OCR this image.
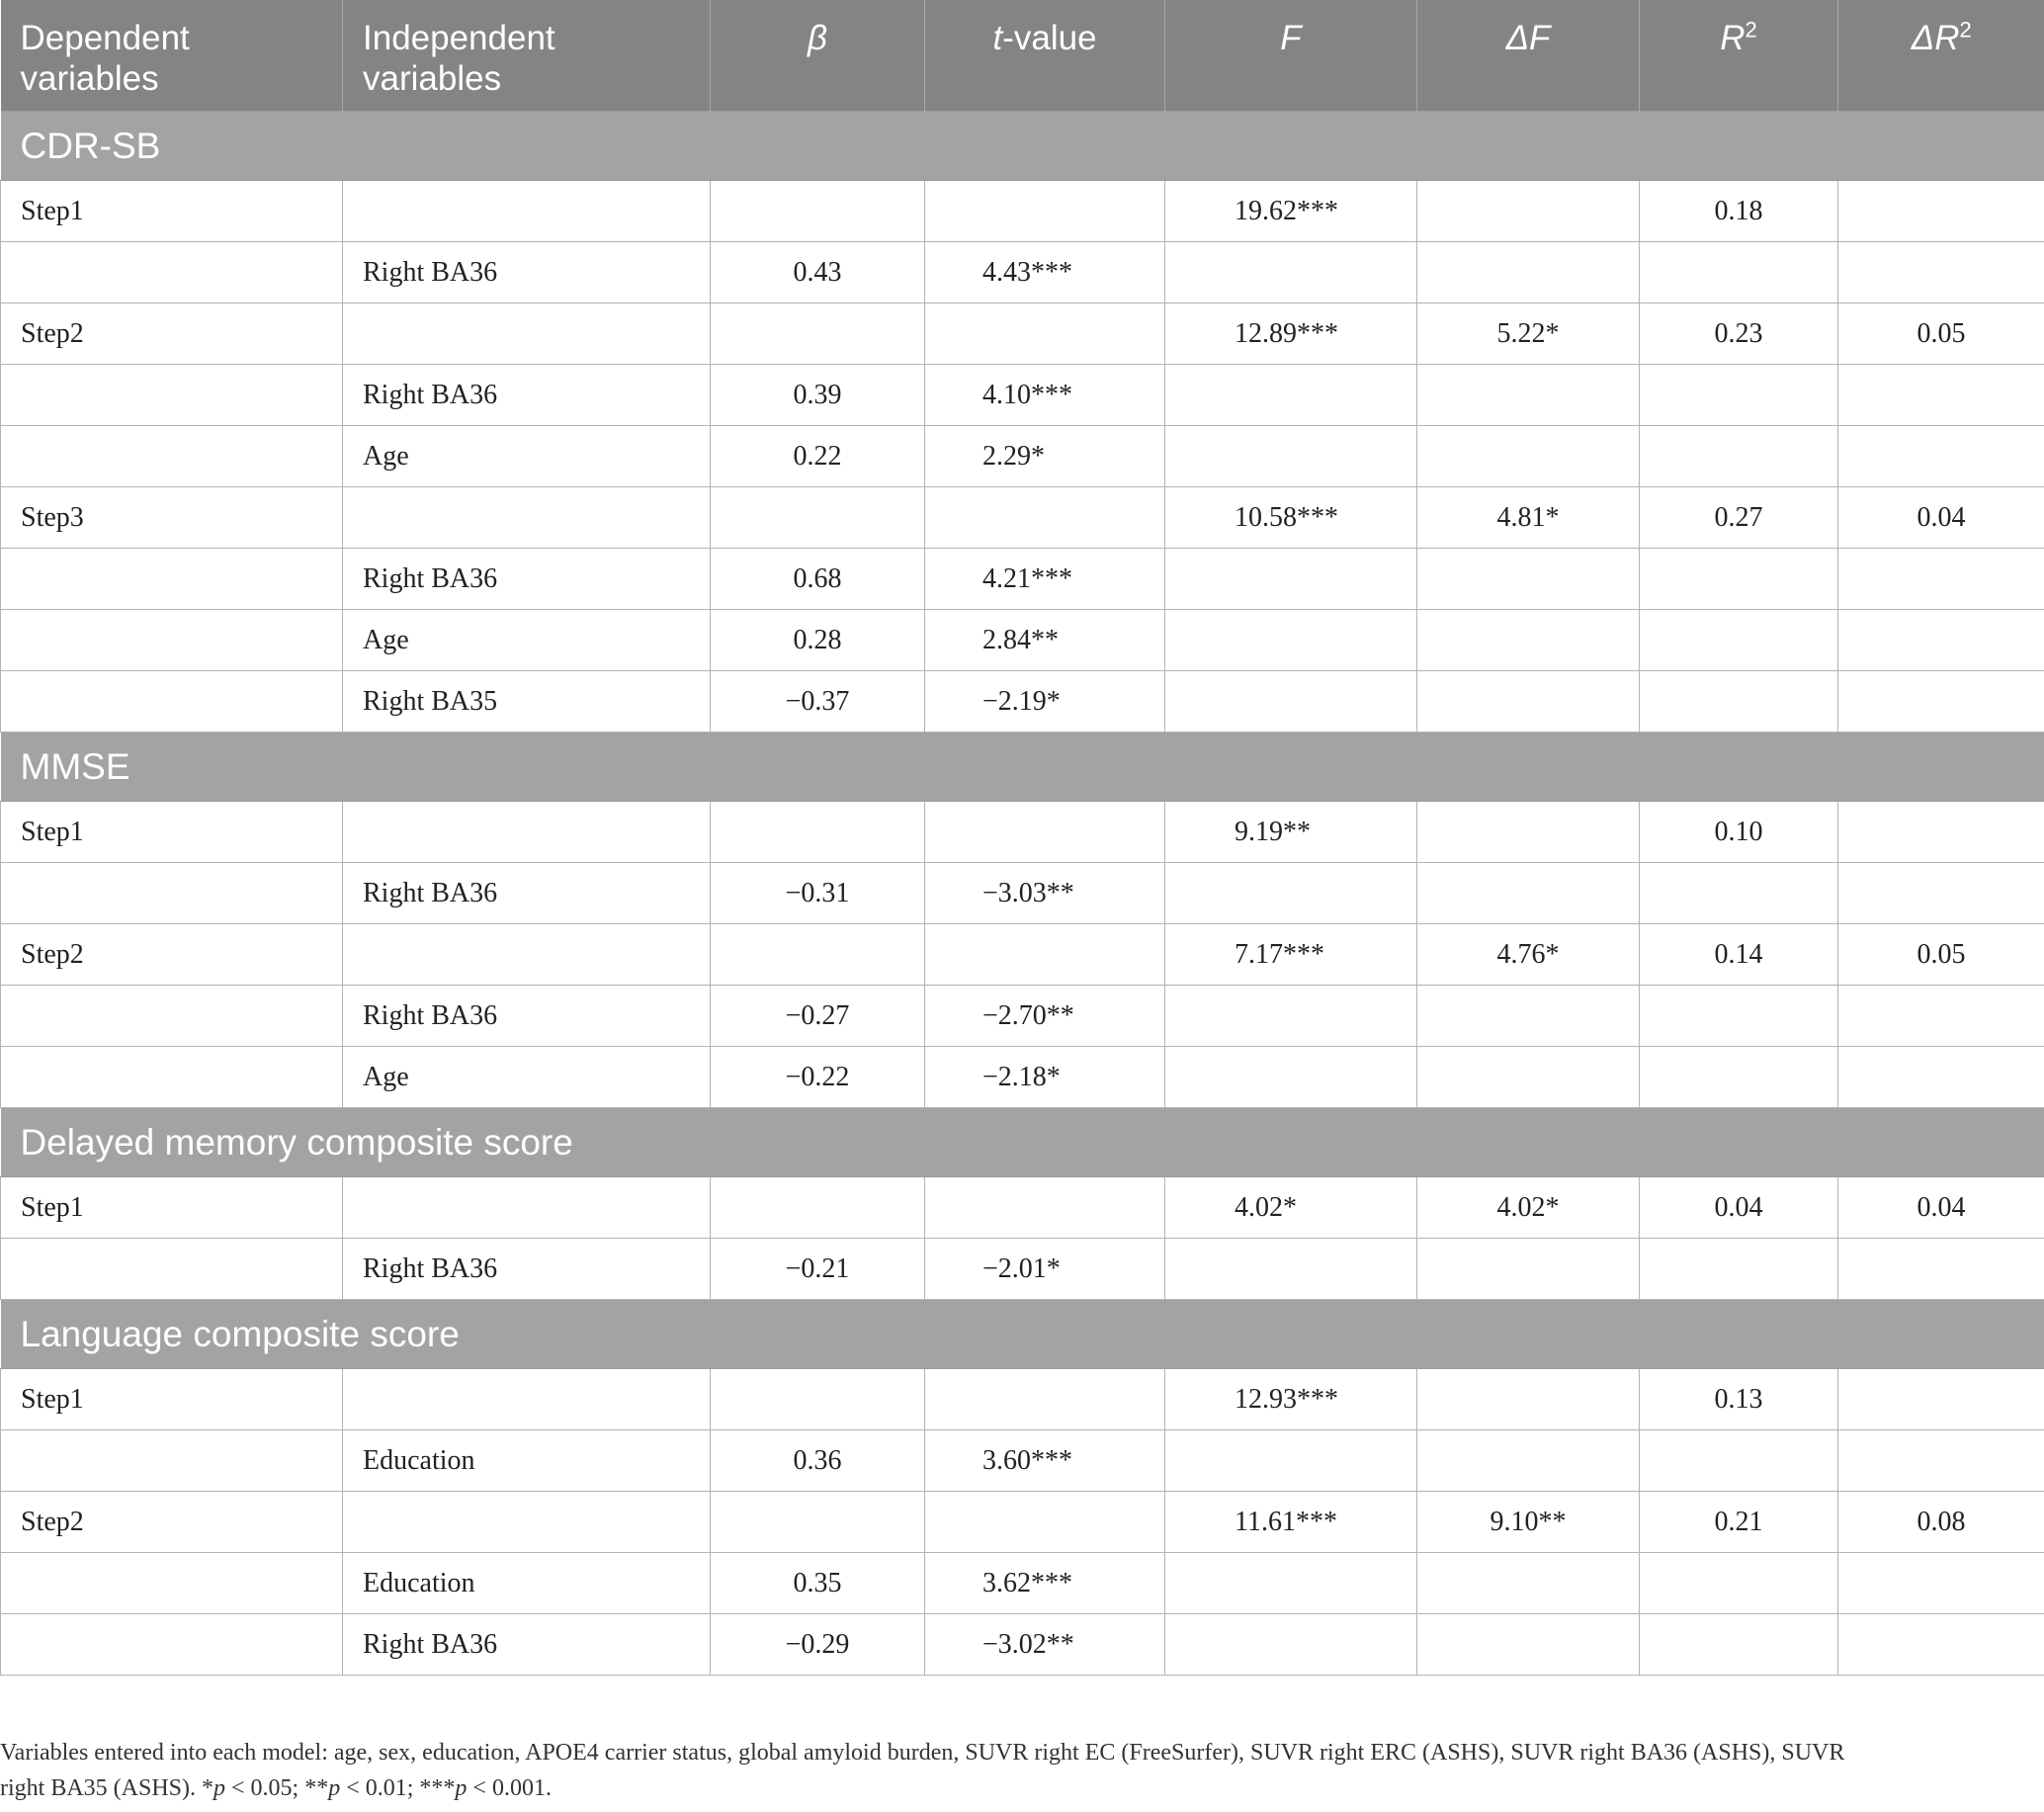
Dependent variables	Independent variables	β	t-value	F	ΔF	$R^2$	$\Delta R^2$
CDR-SB							
Step1				19.62***		0.18	
	Right BA36	0.43	4.43***				
Step2				12.89***	5.22*	0.23	0.05
	Right BA36	0.39	4.10***				
	Age	0.22	2.29*				
Step3				10.58***	4.81*	0.27	0.04
	Right BA36	0.68	4.21***				
	Age	0.28	2.84**				
	Right BA35	−0.37	−2.19*				
MMSE							
Step1				9.19**		0.10	
	Right BA36	−0.31	−3.03**				
Step2				7.17***	4.76*	0.14	0.05
	Right BA36	−0.27	−2.70**				
	Age	−0.22	−2.18*				
Delayed memory composite score							
Step1				4.02*	4.02*	0.04	0.04
	Right BA36	−0.21	−2.01*				
Language composite score							
Step1				12.93***		0.13	
	Education	0.36	3.60***				
Step2				11.61***	9.10**	0.21	0.08
	Education	0.35	3.62***				
	Right BA36	−0.29	−3.02**				
Variables entered into each model: age, sex, education, APOE4 carrier status, global amyloid burden, SUVR right EC (FreeSurfer), SUVR right ERC (ASHS), SUVR right BA36 (ASHS), SUVR
right BA35 (ASHS). *p < 0.05; **p < 0.01; ***p < 0.001.
